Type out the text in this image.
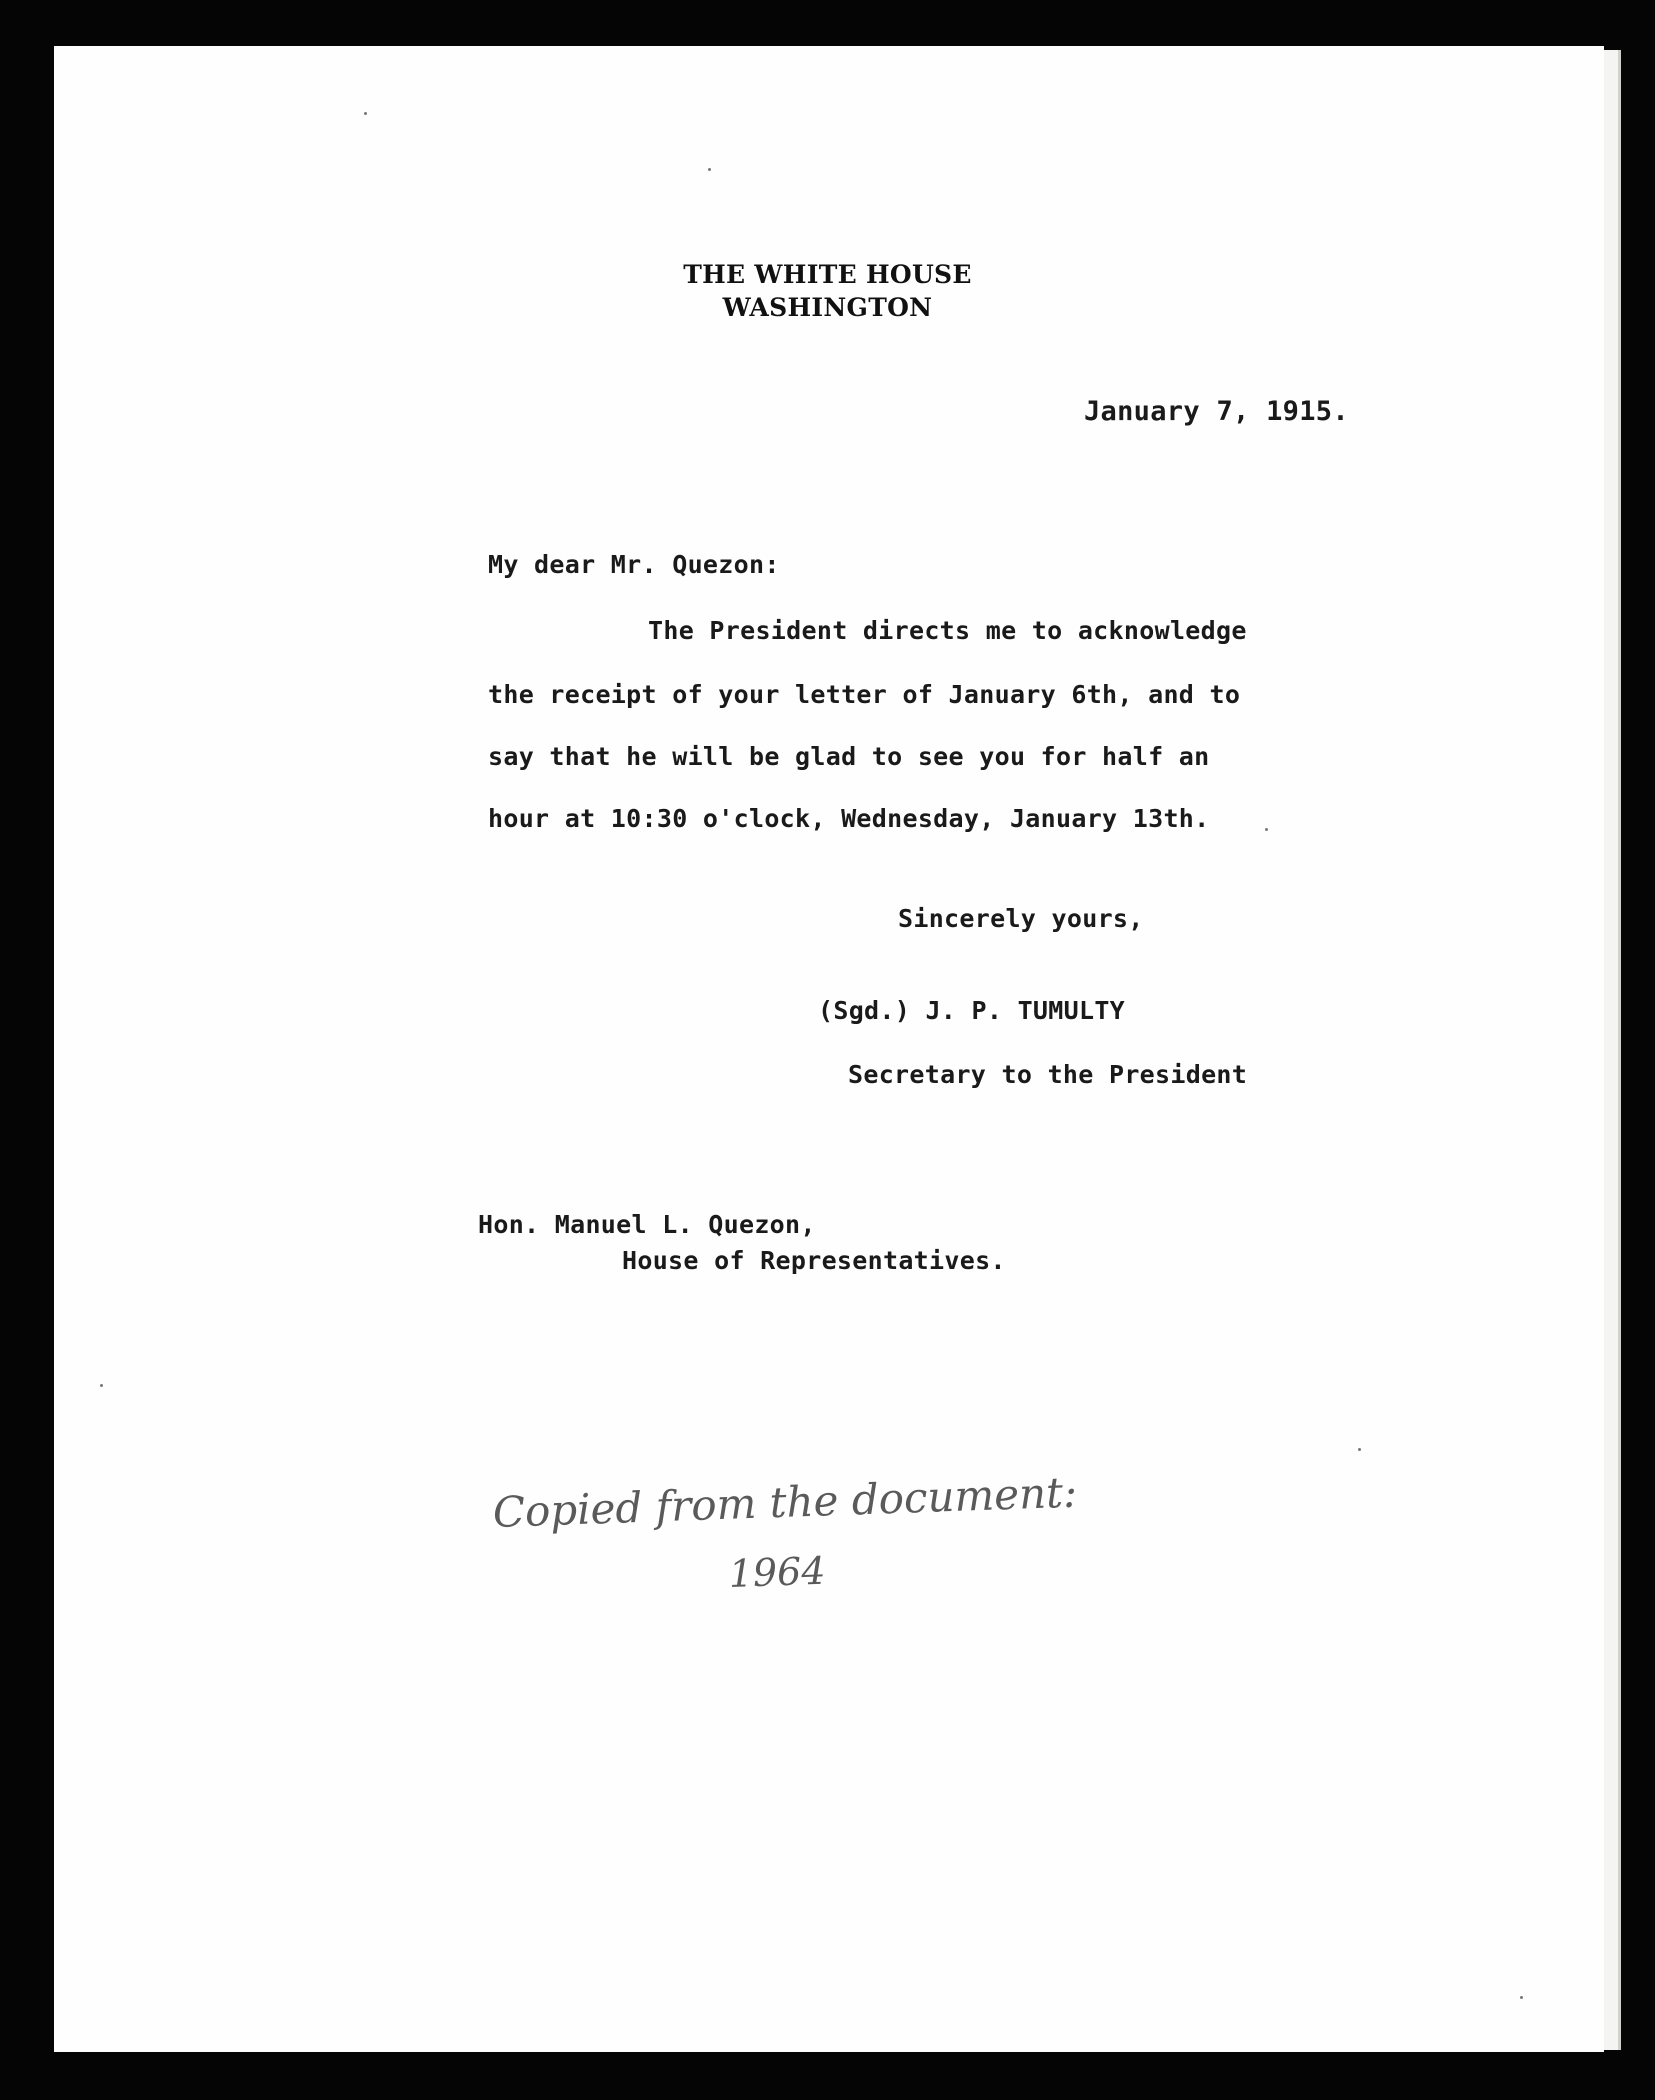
THE WHITE HOUSE
WASHINGTON
January 7, 1915.
My dear Mr. Quezon:
The President directs me to acknowledge
the receipt of your letter of January 6th, and to
say that he will be glad to see you for half an
hour at 10:30 o'clock, Wednesday, January 13th.
Sincerely yours,
(Sgd.) J. P. TUMULTY
Secretary to the President
Hon. Manuel L. Quezon,
House of Representatives.
Copied from the document:
1964
